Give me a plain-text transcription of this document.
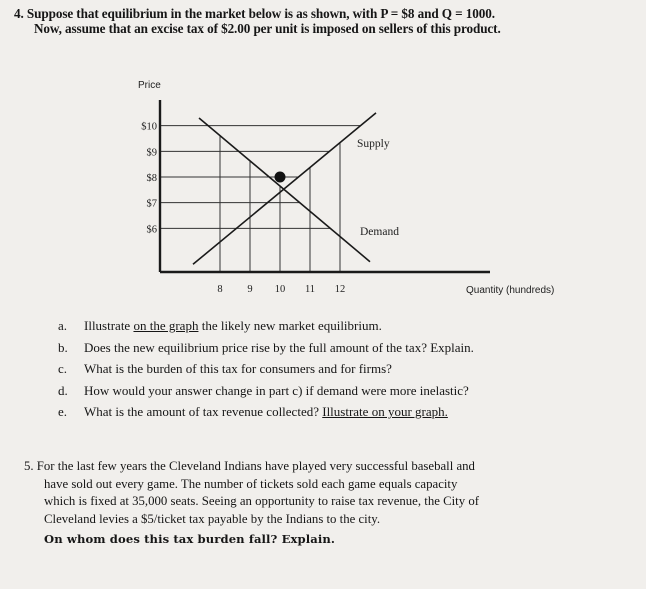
4. Suppose that equilibrium in the market below is as shown, with P = $8 and Q = 1000.
Now, assume that an excise tax of $2.00 per unit is imposed on sellers of this product.
Price
$10
$9
$8
$7
$6
8 9 10 11 12
Supply
Demand
Quantity (hundreds)
a.	Illustrate on the graph the likely new market equilibrium.
b.	Does the new equilibrium price rise by the full amount of the tax? Explain.
c.	What is the burden of this tax for consumers and for firms?
d.	How would your answer change in part c) if demand were more inelastic?
e.	What is the amount of tax revenue collected? Illustrate on your graph.
5. For the last few years the Cleveland Indians have played very successful baseball and
have sold out every game. The number of tickets sold each game equals capacity
which is fixed at 35,000 seats. Seeing an opportunity to raise tax revenue, the City of
Cleveland levies a $5/ticket tax payable by the Indians to the city.
On whom does this tax burden fall? Explain.
